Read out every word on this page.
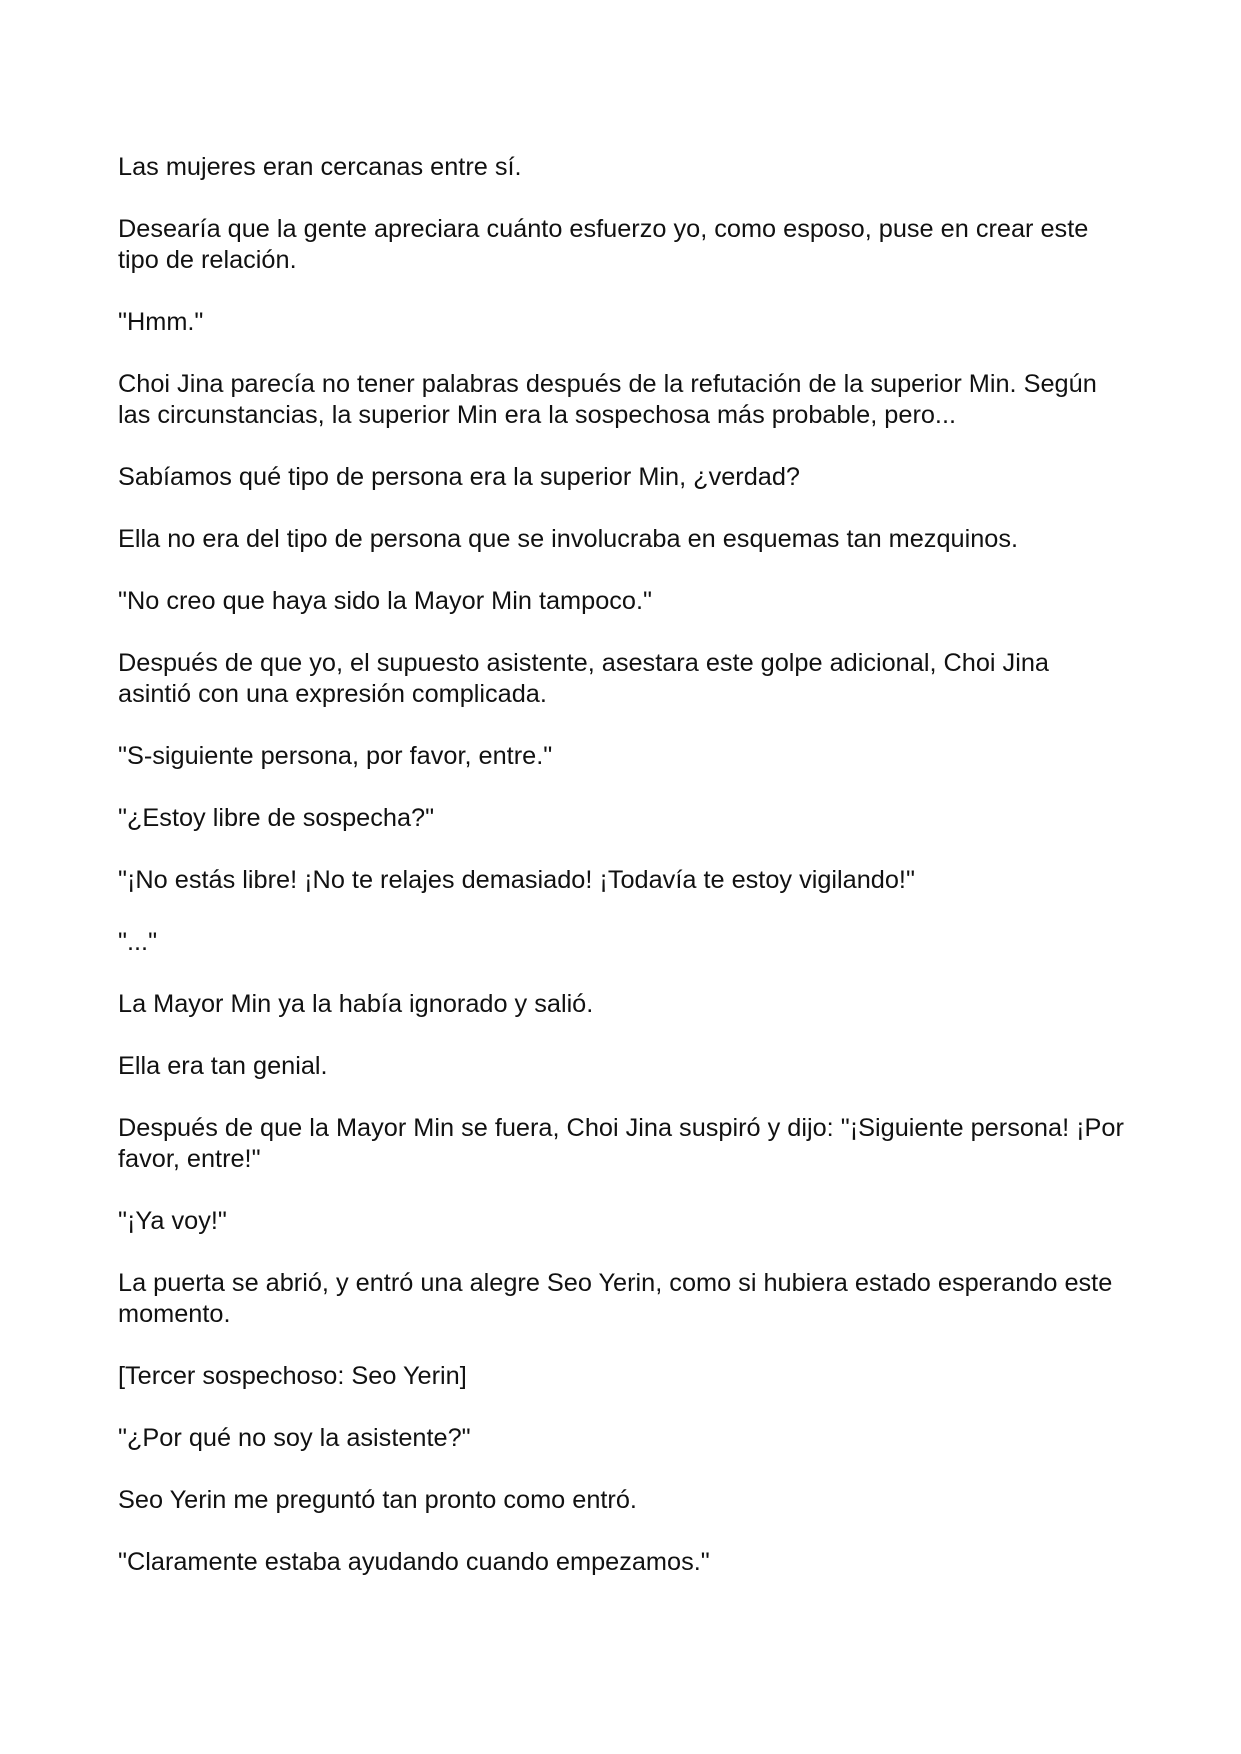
Las mujeres eran cercanas entre sí.

Desearía que la gente apreciara cuánto esfuerzo yo, como esposo, puse en crear este tipo de relación.

"Hmm."

Choi Jina parecía no tener palabras después de la refutación de la superior Min. Según las circunstancias, la superior Min era la sospechosa más probable, pero...

Sabíamos qué tipo de persona era la superior Min, ¿verdad?

Ella no era del tipo de persona que se involucraba en esquemas tan mezquinos.

"No creo que haya sido la Mayor Min tampoco."

Después de que yo, el supuesto asistente, asestara este golpe adicional, Choi Jina asintió con una expresión complicada.

"S-siguiente persona, por favor, entre."

"¿Estoy libre de sospecha?"

"¡No estás libre! ¡No te relajes demasiado! ¡Todavía te estoy vigilando!"

"..."

La Mayor Min ya la había ignorado y salió.

Ella era tan genial.

Después de que la Mayor Min se fuera, Choi Jina suspiró y dijo: "¡Siguiente persona! ¡Por favor, entre!"

"¡Ya voy!"

La puerta se abrió, y entró una alegre Seo Yerin, como si hubiera estado esperando este momento.

[Tercer sospechoso: Seo Yerin]

"¿Por qué no soy la asistente?"

Seo Yerin me preguntó tan pronto como entró.

"Claramente estaba ayudando cuando empezamos."
